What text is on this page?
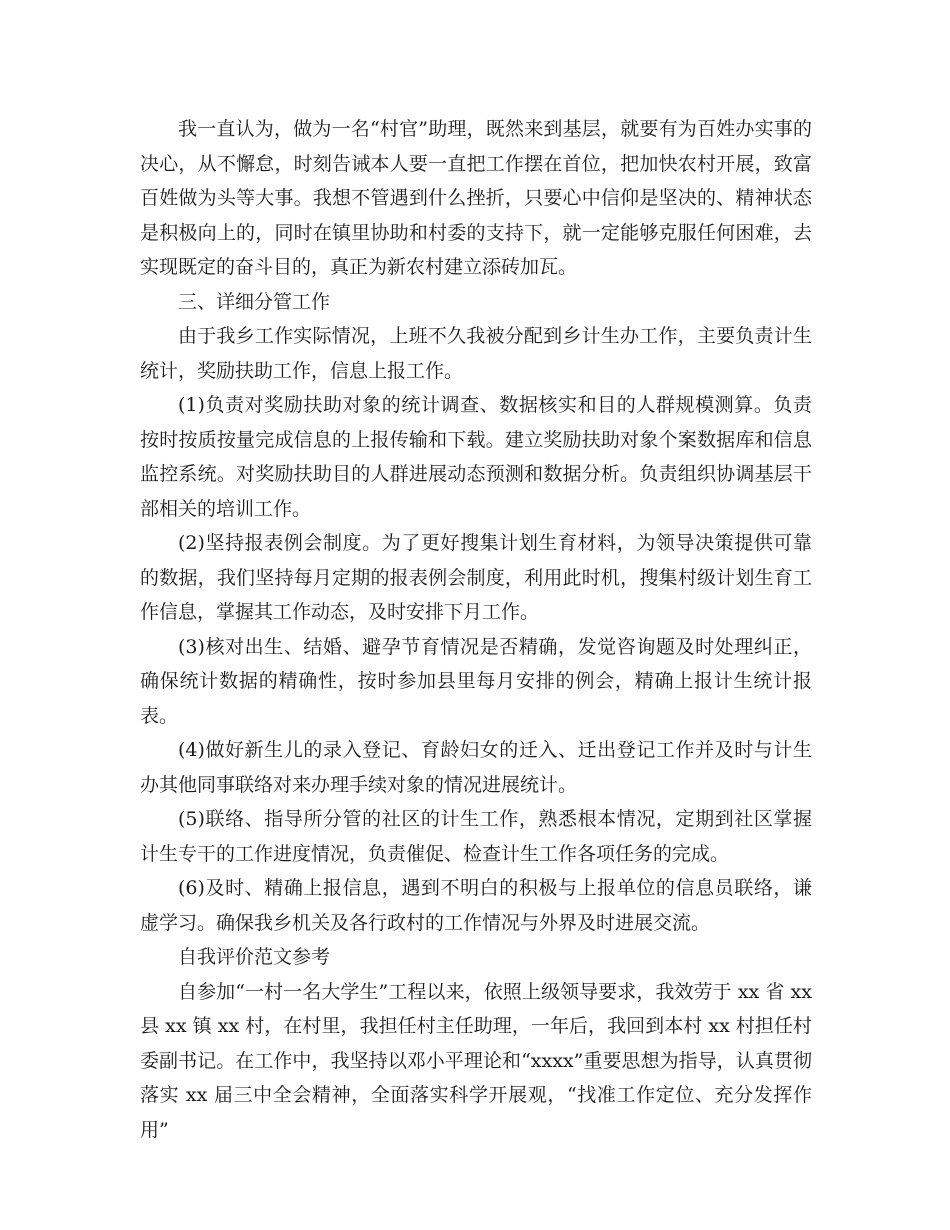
我一直认为，做为一名“村官”助理，既然来到基层，就要有为百姓办实事的决心，从不懈怠，时刻告诫本人要一直把工作摆在首位，把加快农村开展，致富百姓做为头等大事。我想不管遇到什么挫折，只要心中信仰是坚决的、精神状态是积极向上的，同时在镇里协助和村委的支持下，就一定能够克服任何困难，去实现既定的奋斗目的，真正为新农村建立添砖加瓦。

三、详细分管工作

由于我乡工作实际情况，上班不久我被分配到乡计生办工作，主要负责计生统计，奖励扶助工作，信息上报工作。

(1)负责对奖励扶助对象的统计调查、数据核实和目的人群规模测算。负责按时按质按量完成信息的上报传输和下载。建立奖励扶助对象个案数据库和信息监控系统。对奖励扶助目的人群进展动态预测和数据分析。负责组织协调基层干部相关的培训工作。

(2)坚持报表例会制度。为了更好搜集计划生育材料，为领导决策提供可靠的数据，我们坚持每月定期的报表例会制度，利用此时机，搜集村级计划生育工作信息，掌握其工作动态，及时安排下月工作。

(3)核对出生、结婚、避孕节育情况是否精确，发觉咨询题及时处理纠正，确保统计数据的精确性，按时参加县里每月安排的例会，精确上报计生统计报表。

(4)做好新生儿的录入登记、育龄妇女的迁入、迁出登记工作并及时与计生办其他同事联络对来办理手续对象的情况进展统计。

(5)联络、指导所分管的社区的计生工作，熟悉根本情况，定期到社区掌握计生专干的工作进度情况，负责催促、检查计生工作各项任务的完成。

(6)及时、精确上报信息，遇到不明白的积极与上报单位的信息员联络，谦虚学习。确保我乡机关及各行政村的工作情况与外界及时进展交流。

自我评价范文参考

自参加“一村一名大学生”工程以来，依照上级领导要求，我效劳于 xx 省 xx 县 xx 镇 xx 村，在村里，我担任村主任助理，一年后，我回到本村 xx 村担任村委副书记。在工作中，我坚持以邓小平理论和“xxxx”重要思想为指导，认真贯彻落实 xx 届三中全会精神，全面落实科学开展观，“找准工作定位、充分发挥作用”
